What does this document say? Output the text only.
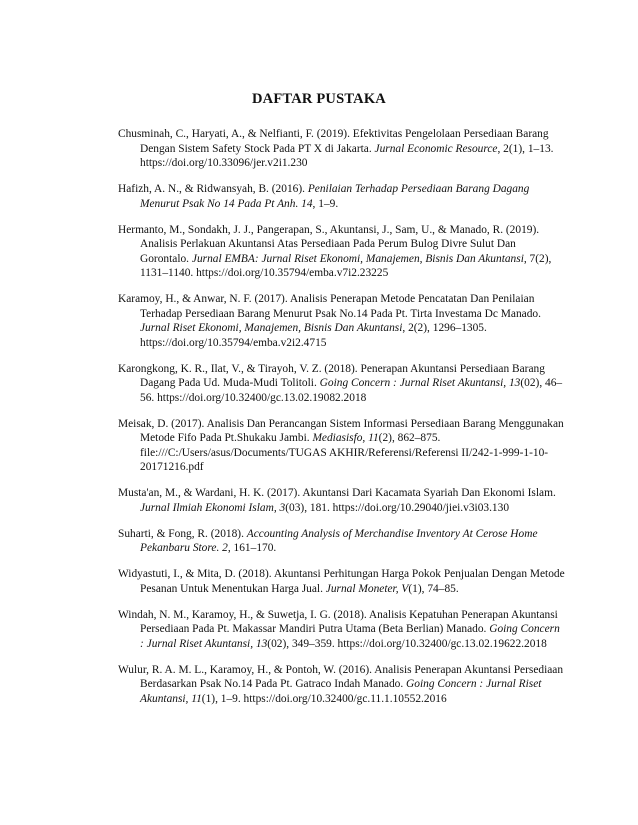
DAFTAR PUSTAKA

Chusminah, C., Haryati, A., & Nelfianti, F. (2019). Efektivitas Pengelolaan Persediaan Barang Dengan Sistem Safety Stock Pada PT X di Jakarta. Jurnal Economic Resource, 2(1), 1–13. https://doi.org/10.33096/jer.v2i1.230

Hafizh, A. N., & Ridwansyah, B. (2016). Penilaian Terhadap Persediaan Barang Dagang Menurut Psak No 14 Pada Pt Anh. 14, 1–9.

Hermanto, M., Sondakh, J. J., Pangerapan, S., Akuntansi, J., Sam, U., & Manado, R. (2019). Analisis Perlakuan Akuntansi Atas Persediaan Pada Perum Bulog Divre Sulut Dan Gorontalo. Jurnal EMBA: Jurnal Riset Ekonomi, Manajemen, Bisnis Dan Akuntansi, 7(2), 1131–1140. https://doi.org/10.35794/emba.v7i2.23225

Karamoy, H., & Anwar, N. F. (2017). Analisis Penerapan Metode Pencatatan Dan Penilaian Terhadap Persediaan Barang Menurut Psak No.14 Pada Pt. Tirta Investama Dc Manado. Jurnal Riset Ekonomi, Manajemen, Bisnis Dan Akuntansi, 2(2), 1296–1305. https://doi.org/10.35794/emba.v2i2.4715

Karongkong, K. R., Ilat, V., & Tirayoh, V. Z. (2018). Penerapan Akuntansi Persediaan Barang Dagang Pada Ud. Muda-Mudi Tolitoli. Going Concern : Jurnal Riset Akuntansi, 13(02), 46–56. https://doi.org/10.32400/gc.13.02.19082.2018

Meisak, D. (2017). Analisis Dan Perancangan Sistem Informasi Persediaan Barang Menggunakan Metode Fifo Pada Pt.Shukaku Jambi. Mediasisfo, 11(2), 862–875. file:///C:/Users/asus/Documents/TUGAS AKHIR/Referensi/Referensi II/242-1-999-1-10-20171216.pdf

Musta'an, M., & Wardani, H. K. (2017). Akuntansi Dari Kacamata Syariah Dan Ekonomi Islam. Jurnal Ilmiah Ekonomi Islam, 3(03), 181. https://doi.org/10.29040/jiei.v3i03.130

Suharti, & Fong, R. (2018). Accounting Analysis of Merchandise Inventory At Cerose Home Pekanbaru Store. 2, 161–170.

Widyastuti, I., & Mita, D. (2018). Akuntansi Perhitungan Harga Pokok Penjualan Dengan Metode Pesanan Untuk Menentukan Harga Jual. Jurnal Moneter, V(1), 74–85.

Windah, N. M., Karamoy, H., & Suwetja, I. G. (2018). Analisis Kepatuhan Penerapan Akuntansi Persediaan Pada Pt. Makassar Mandiri Putra Utama (Beta Berlian) Manado. Going Concern : Jurnal Riset Akuntansi, 13(02), 349–359. https://doi.org/10.32400/gc.13.02.19622.2018

Wulur, R. A. M. L., Karamoy, H., & Pontoh, W. (2016). Analisis Penerapan Akuntansi Persediaan Berdasarkan Psak No.14 Pada Pt. Gatraco Indah Manado. Going Concern : Jurnal Riset Akuntansi, 11(1), 1–9. https://doi.org/10.32400/gc.11.1.10552.2016
